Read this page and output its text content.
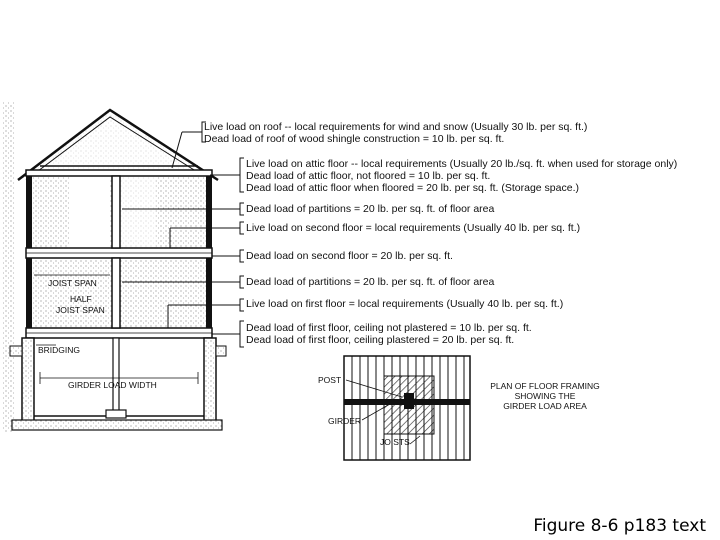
Live load on roof -- local requirements for wind and snow (Usually 30 lb. per sq. ft.)
Dead load of roof of wood shingle construction = 10 lb. per sq. ft.
Live load on attic floor -- local requirements (Usually 20 lb./sq. ft. when used for storage only)
Dead load of attic floor, not floored = 10 lb. per sq. ft.
Dead load of attic floor when floored = 20 lb. per sq. ft. (Storage space.)
Dead load of partitions = 20 lb. per sq. ft. of floor area
Live load on second floor = local requirements (Usually 40 lb. per sq. ft.)
Dead load on second floor = 20 lb. per sq. ft.
Dead load of partitions = 20 lb. per sq. ft. of floor area
Live load on first floor = local requirements (Usually 40 lb. per sq. ft.)
Dead load of first floor, ceiling not plastered = 10 lb. per sq. ft.
Dead load of first floor, ceiling plastered = 20 lb. per sq. ft.
JOIST SPAN
HALF
JOIST SPAN
BRIDGING
GIRDER LOAD WIDTH	POST
GIRDER
JOISTS
PLAN OF FLOOR FRAMING
SHOWING THE
GIRDER LOAD AREA
Figure 8-6 p183 text
